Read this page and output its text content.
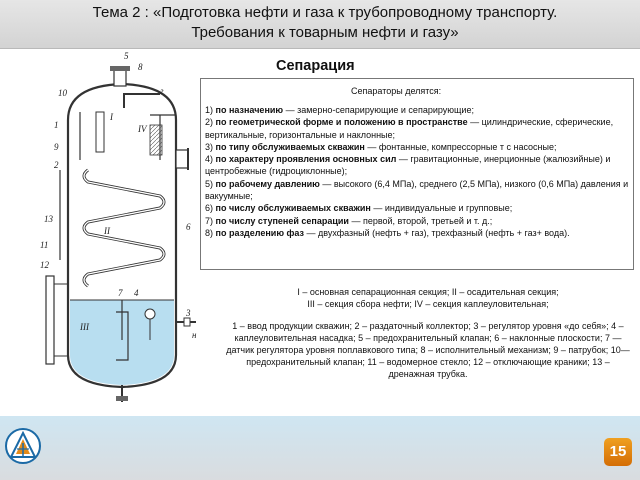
Тема 2 : «Подготовка нефти и газа к трубопроводному транспорту.
Требования к товарным нефти и газу»
8
5
10
1
9
2
IV
II	6
13
11
12
7 4
III
3
г
н
I
Сепарация
Сепараторы делятся:
1) по назначению — замерно-сепарирующие и сепарирующие;
2) по геометрической форме и положению в пространстве — цилиндрические, сферические, вертикальные, горизонтальные и наклонные;
3) по типу обслуживаемых скважин — фонтанные, компрессорные т с насосные;
4) по характеру проявления основных сил — гравитационные, инерционные (жалюзийные) и центробежные (гидроциклонные);
5) по рабочему давлению — высокого (6,4 МПа), среднего (2,5 МПа), низкого (0,6 МПа) давления и вакуумные;
6) по числу обслуживаемых скважин — индивидуальные и групповые;
7) по числу ступеней сепарации — первой, второй, третьей и т. д.;
8) по разделению фаз — двухфазный (нефть + газ), трехфазный (нефть + газ+ вода).
I – основная сепарационная секция; II – осадительная секция;
III – секция сбора нефти; IV – секция каплеуловительная;
1 – ввод продукции скважин; 2 – раздаточный коллектор; 3 – регулятор уровня «до себя»; 4 – каплеуловительная насадка; 5 – предохранительный клапан; 6 – наклонные плоскости; 7 — датчик регулятора уровня поплавкового типа; 8 – исполнительный механизм; 9 – патрубок; 10— предохранительный клапан; 11 – водомерное стекло; 12 – отключающие краники; 13 – дренажная трубка.
15
